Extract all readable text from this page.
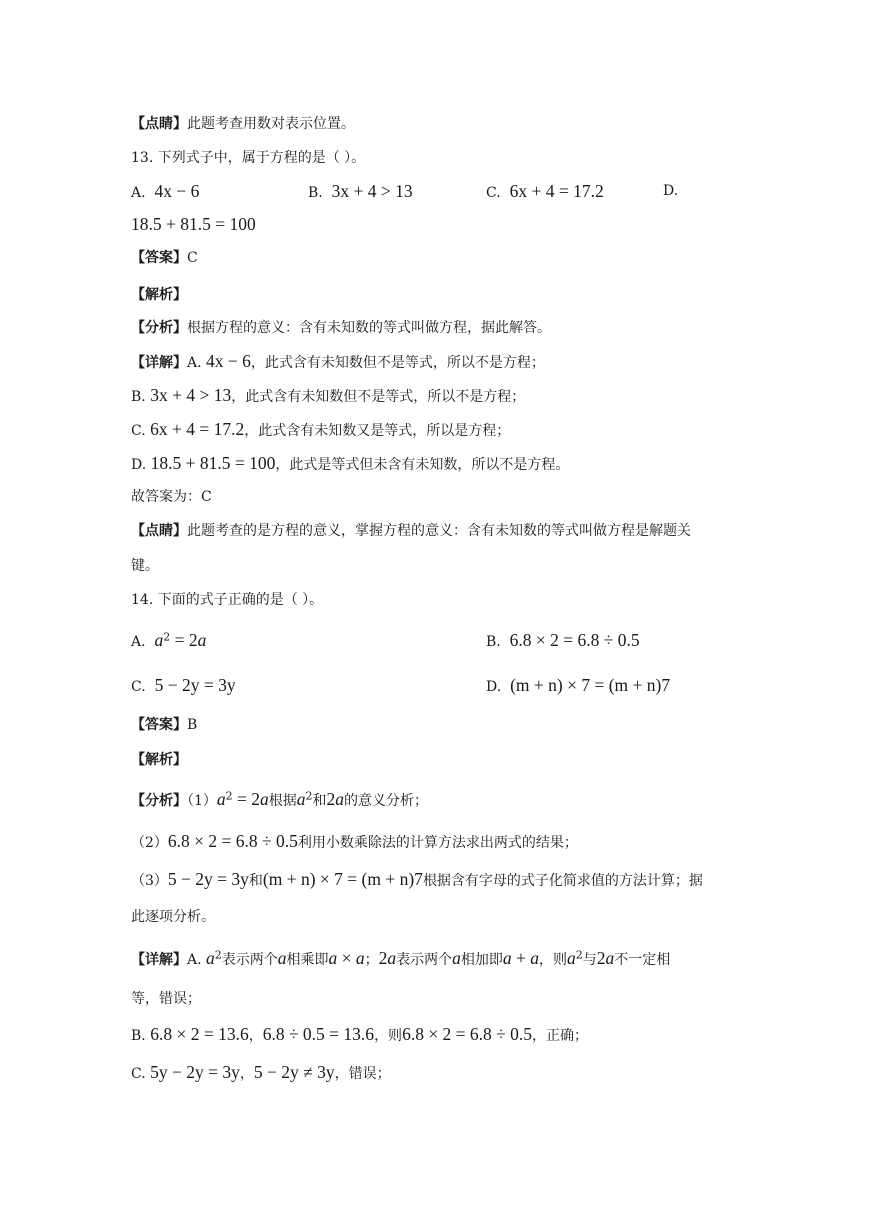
【点睛】此题考查用数对表示位置。
13. 下列式子中，属于方程的是（ ）。
A. 4x − 6	B. 3x + 4 > 13	C. 6x + 4 = 17.2	D.
18.5 + 81.5 = 100
【答案】C
【解析】
【分析】根据方程的意义：含有未知数的等式叫做方程，据此解答。
【详解】A. 4x − 6，此式含有未知数但不是等式，所以不是方程；
B. 3x + 4 > 13，此式含有未知数但不是等式，所以不是方程；
C. 6x + 4 = 17.2，此式含有未知数又是等式，所以是方程；
D. 18.5 + 81.5 = 100，此式是等式但未含有未知数，所以不是方程。
故答案为：C
【点睛】此题考查的是方程的意义，掌握方程的意义：含有未知数的等式叫做方程是解题关
键。
14. 下面的式子正确的是（ ）。
A. $a^2 = 2a$	B. 6.8 × 2 = 6.8 ÷ 0.5
C. 5 − 2y = 3y	D. (m + n) × 7 = (m + n)7
【答案】B
【解析】
【分析】$(1)a^2 = 2a$根据$a^2$和2a的意义分析；
（2）6.8 × 2 = 6.8 ÷ 0.5利用小数乘除法的计算方法求出两式的结果；
（3）5 − 2y = 3y和(m + n) × 7 = (m + n)7根据含有字母的式子化简求值的方法计算；据
此逐项分析。
【详解】A. $a^2$表示两个a相乘即a × a；2a表示两个a相加即a + a，则$a^2$与2a不一定相
等，错误；
B. 6.8 × 2 = 13.6，6.8 ÷ 0.5 = 13.6，则6.8 × 2 = 6.8 ÷ 0.5，正确；
C. 5y − 2y = 3y，5 − 2y ≠ 3y，错误；
